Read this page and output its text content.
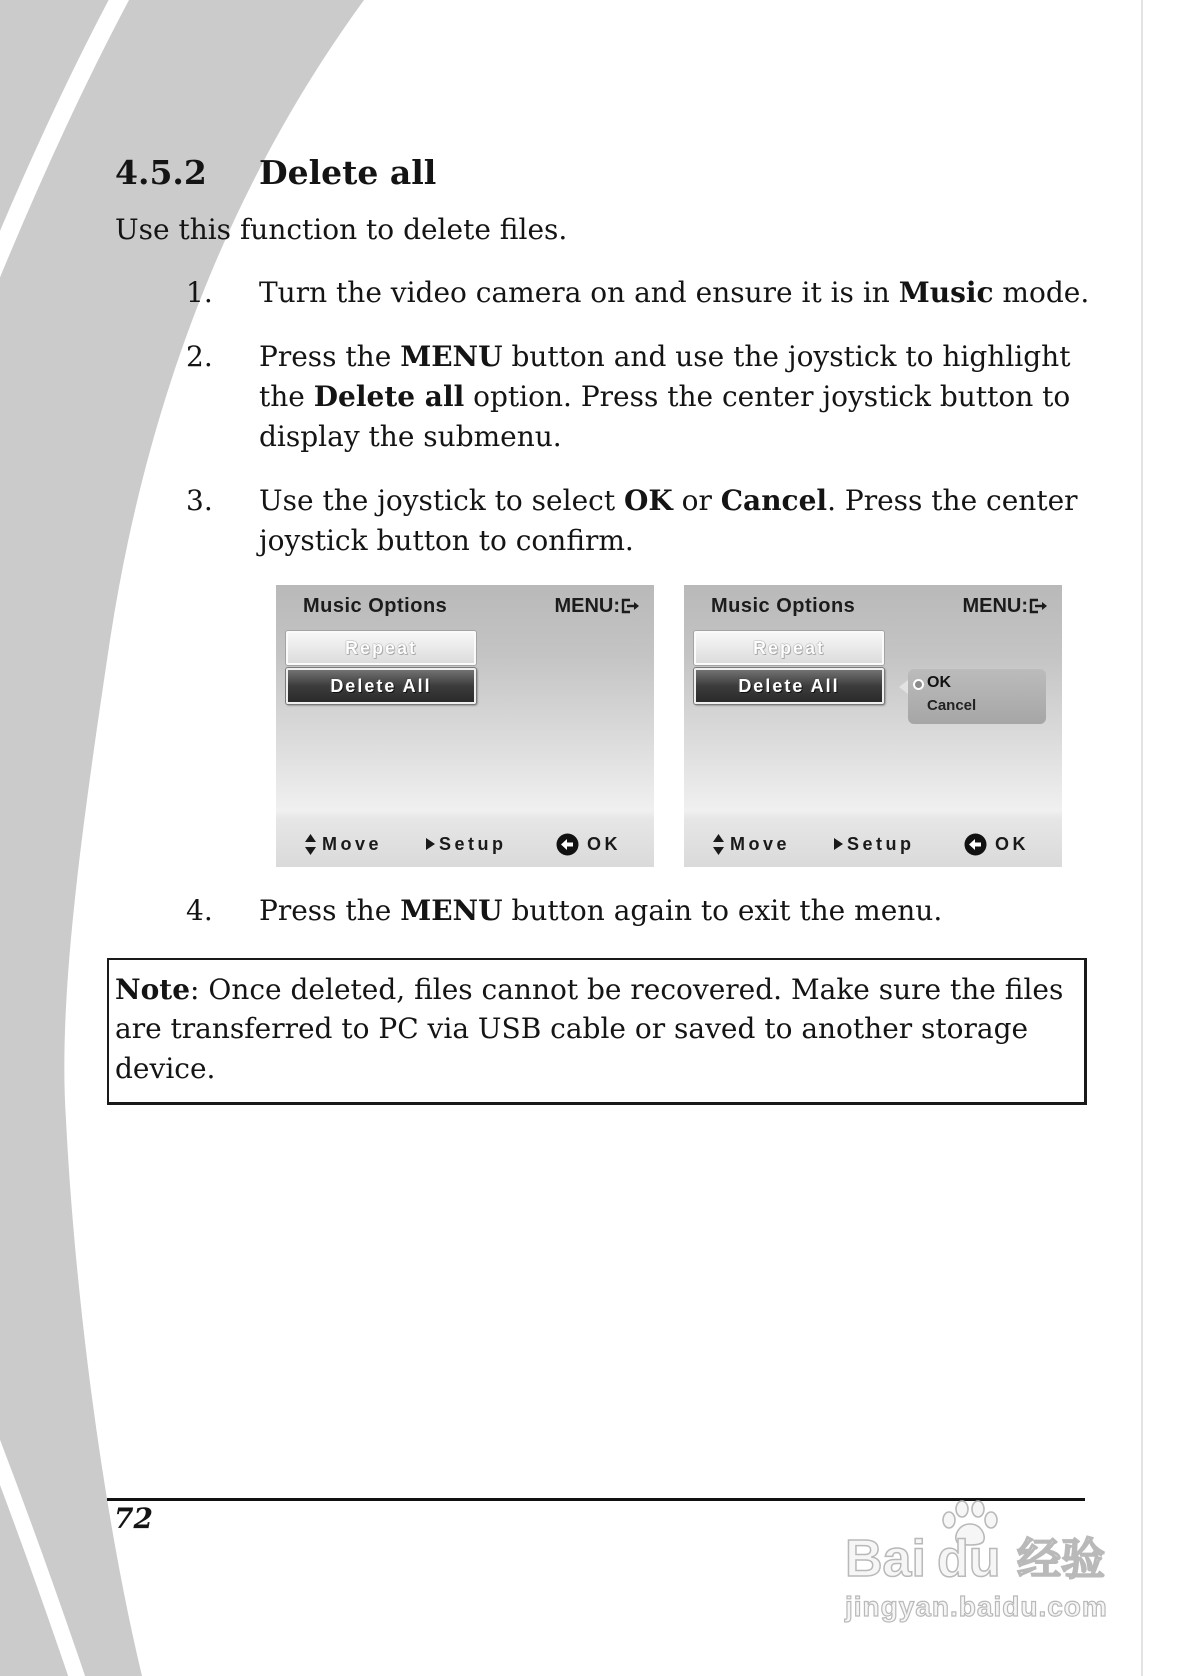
4.5.2 Delete all
Use this function to delete files.
1. Turn the video camera on and ensure it is in Music mode.
2. Press the MENU button and use the joystick to highlight
the Delete all option. Press the center joystick button to
display the submenu.
3. Use the joystick to select OK or Cancel. Press the center
joystick button to confirm.
Music Options	MENU:
Repeat
Delete All
Move	Setup	OK
Music Options	MENU:
Repeat
Delete All	OK
Cancel
Move	Setup	OK
4. Press the MENU button again to exit the menu.
Note: Once deleted, files cannot be recovered. Make sure the files
are transferred to PC via USB cable or saved to another storage
device.
72
Bai du 经验
jingyan.baidu.com
